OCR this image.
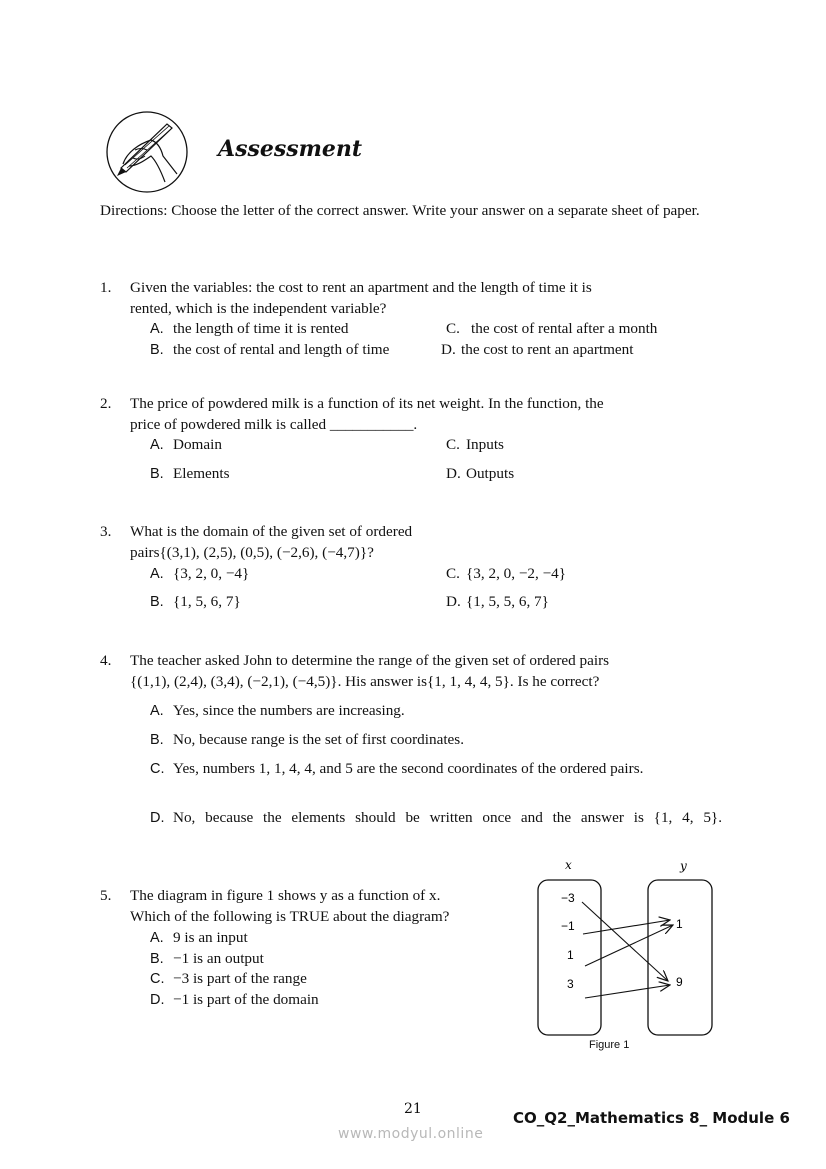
Assessment
Directions: Choose the letter of the correct answer. Write your answer on a separate sheet of paper.
1. Given the variables: the cost to rent an apartment and the length of time it is
rented, which is the independent variable?
A. the length of time it is rented
B. the cost of rental and length of time
C. the cost of rental after a month
D. the cost to rent an apartment
2. The price of powdered milk is a function of its net weight. In the function, the
price of powdered milk is called ___________.
A. Domain
B. Elements
C. Inputs
D. Outputs
3. What is the domain of the given set of ordered
pairs{(3,1), (2,5), (0,5), (−2,6), (−4,7)}?
A. {3, 2, 0, −4}
B. {1, 5, 6, 7}
C. {3, 2, 0, −2, −4}
D. {1, 5, 5, 6, 7}
4. The teacher asked John to determine the range of the given set of ordered pairs
{(1,1), (2,4), (3,4), (−2,1), (−4,5)}. His answer is{1, 1, 4, 4, 5}. Is he correct?
A. Yes, since the numbers are increasing.
B. No, because range is the set of first coordinates.
C. Yes, numbers 1, 1, 4, 4, and 5 are the second coordinates of the ordered pairs.
D. No, because the elements should be written once and the answer is {1, 4, 5}.
5. The diagram in figure 1 shows y as a function of x.
Which of the following is TRUE about the diagram?
A. 9 is an input
B. −1 is an output
C. −3 is part of the range
D. −1 is part of the domain
x	y
−3
−1
1
3
1
9
Figure 1
21	CO_Q2_Mathematics 8_ Module 6
www.modyul.online
